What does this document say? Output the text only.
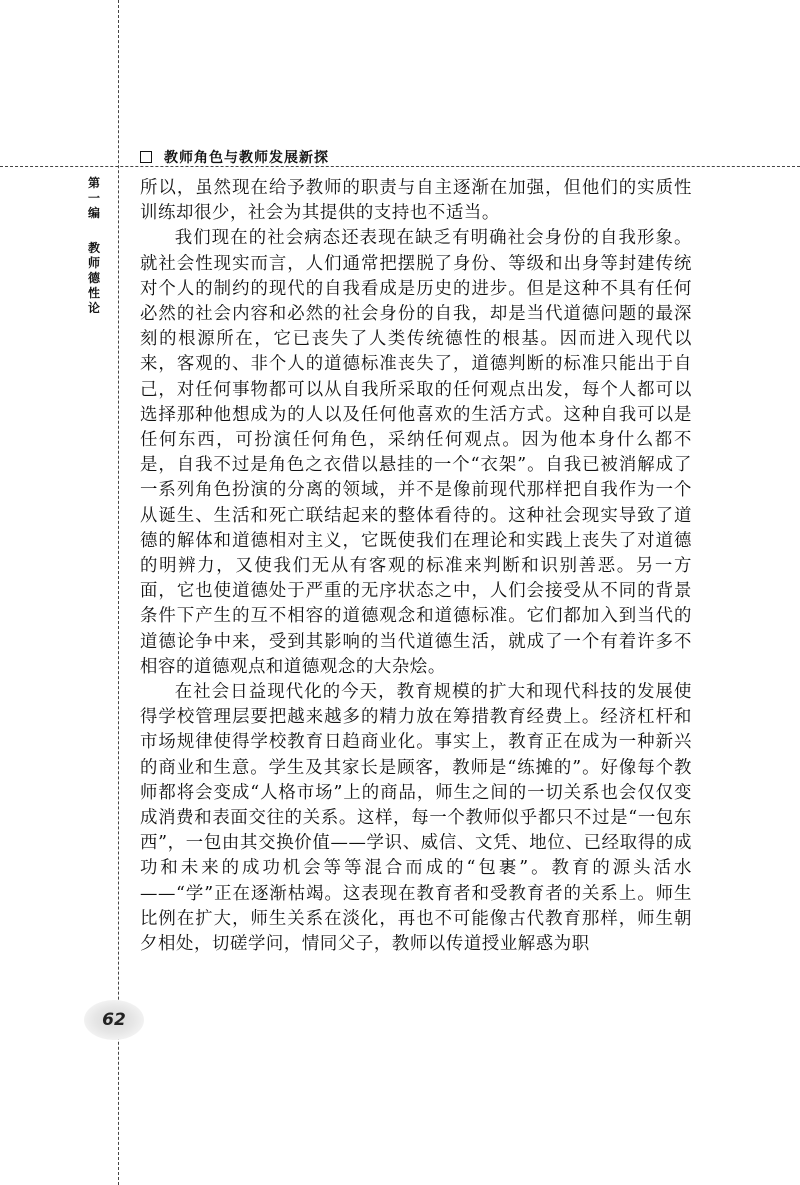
教师角色与教师发展新探
第一编
教师德性论

所以，虽然现在给予教师的职责与自主逐渐在加强，但他们的实质性训练却很少，社会为其提供的支持也不适当。

我们现在的社会病态还表现在缺乏有明确社会身份的自我形象。就社会性现实而言，人们通常把摆脱了身份、等级和出身等封建传统对个人的制约的现代的自我看成是历史的进步。但是这种不具有任何必然的社会内容和必然的社会身份的自我，却是当代道德问题的最深刻的根源所在，它已丧失了人类传统德性的根基。因而进入现代以来，客观的、非个人的道德标准丧失了，道德判断的标准只能出于自己，对任何事物都可以从自我所采取的任何观点出发，每个人都可以选择那种他想成为的人以及任何他喜欢的生活方式。这种自我可以是任何东西，可扮演任何角色，采纳任何观点。因为他本身什么都不是，自我不过是角色之衣借以悬挂的一个“衣架”。自我已被消解成了一系列角色扮演的分离的领域，并不是像前现代那样把自我作为一个从诞生、生活和死亡联结起来的整体看待的。这种社会现实导致了道德的解体和道德相对主义，它既使我们在理论和实践上丧失了对道德的明辨力，又使我们无从有客观的标准来判断和识别善恶。另一方面，它也使道德处于严重的无序状态之中，人们会接受从不同的背景条件下产生的互不相容的道德观念和道德标准。它们都加入到当代的道德论争中来，受到其影响的当代道德生活，就成了一个有着许多不相容的道德观点和道德观念的大杂烩。

在社会日益现代化的今天，教育规模的扩大和现代科技的发展使得学校管理层要把越来越多的精力放在筹措教育经费上。经济杠杆和市场规律使得学校教育日趋商业化。事实上，教育正在成为一种新兴的商业和生意。学生及其家长是顾客，教师是“练摊的”。好像每个教师都将会变成“人格市场”上的商品，师生之间的一切关系也会仅仅变成消费和表面交往的关系。这样，每一个教师似乎都只不过是“一包东西”，一包由其交换价值——学识、威信、文凭、地位、已经取得的成功和未来的成功机会等等混合而成的“包裹”。教育的源头活水——“学”正在逐渐枯竭。这表现在教育者和受教育者的关系上。师生比例在扩大，师生关系在淡化，再也不可能像古代教育那样，师生朝夕相处，切磋学问，情同父子，教师以传道授业解惑为职

62
